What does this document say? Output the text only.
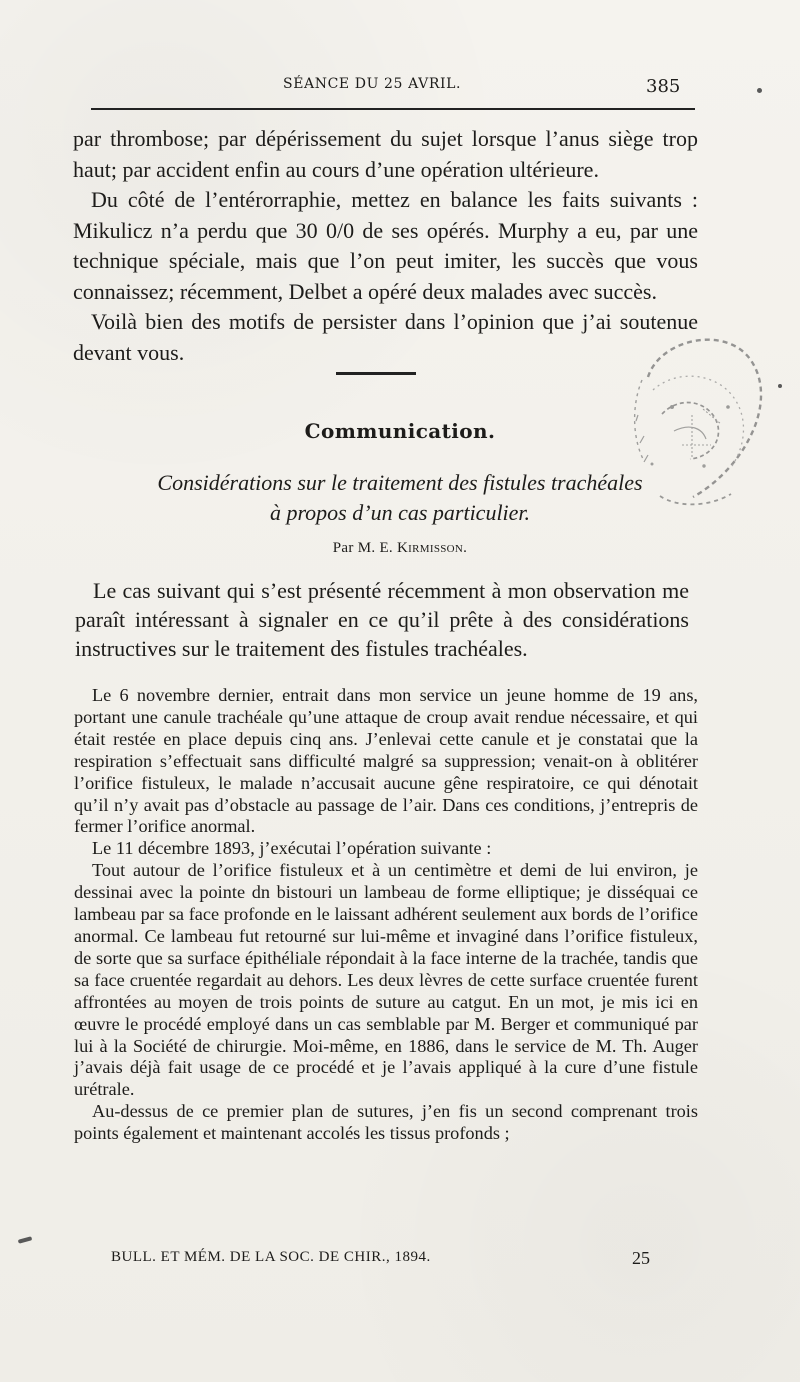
SÉANCE DU 25 AVRIL.	385

par thrombose; par dépérissement du sujet lorsque l’anus siège trop haut; par accident enfin au cours d’une opération ultérieure.

Du côté de l’entérorraphie, mettez en balance les faits suivants : Mikulicz n’a perdu que 30 0/0 de ses opérés. Murphy a eu, par une technique spéciale, mais que l’on peut imiter, les succès que vous connaissez; récemment, Delbet a opéré deux malades avec succès.

Voilà bien des motifs de persister dans l’opinion que j’ai soutenue devant vous.

Communication.
Considérations sur le traitement des fistules trachéales
à propos d’un cas particulier.
Par M. E. Kirmisson.

Le cas suivant qui s’est présenté récemment à mon observation me paraît intéressant à signaler en ce qu’il prête à des considérations instructives sur le traitement des fistules trachéales.

Le 6 novembre dernier, entrait dans mon service un jeune homme de 19 ans, portant une canule trachéale qu’une attaque de croup avait rendue nécessaire, et qui était restée en place depuis cinq ans. J’enlevai cette canule et je constatai que la respiration s’effectuait sans difficulté malgré sa suppression; venait-on à oblitérer l’orifice fistuleux, le malade n’accusait aucune gêne respiratoire, ce qui dénotait qu’il n’y avait pas d’obstacle au passage de l’air. Dans ces conditions, j’entrepris de fermer l’orifice anormal.

Le 11 décembre 1893, j’exécutai l’opération suivante :

Tout autour de l’orifice fistuleux et à un centimètre et demi de lui environ, je dessinai avec la pointe dn bistouri un lambeau de forme elliptique; je disséquai ce lambeau par sa face profonde en le laissant adhérent seulement aux bords de l’orifice anormal. Ce lambeau fut retourné sur lui-même et invaginé dans l’orifice fistuleux, de sorte que sa surface épithéliale répondait à la face interne de la trachée, tandis que sa face cruentée regardait au dehors. Les deux lèvres de cette surface cruentée furent affrontées au moyen de trois points de suture au catgut. En un mot, je mis ici en œuvre le procédé employé dans un cas semblable par M. Berger et communiqué par lui à la Société de chirurgie. Moi-même, en 1886, dans le service de M. Th. Auger j’avais déjà fait usage de ce procédé et je l’avais appliqué à la cure d’une fistule urétrale.

Au-dessus de ce premier plan de sutures, j’en fis un second comprenant trois points également et maintenant accolés les tissus profonds ;

BULL. ET MÉM. DE LA SOC. DE CHIR., 1894.	25
